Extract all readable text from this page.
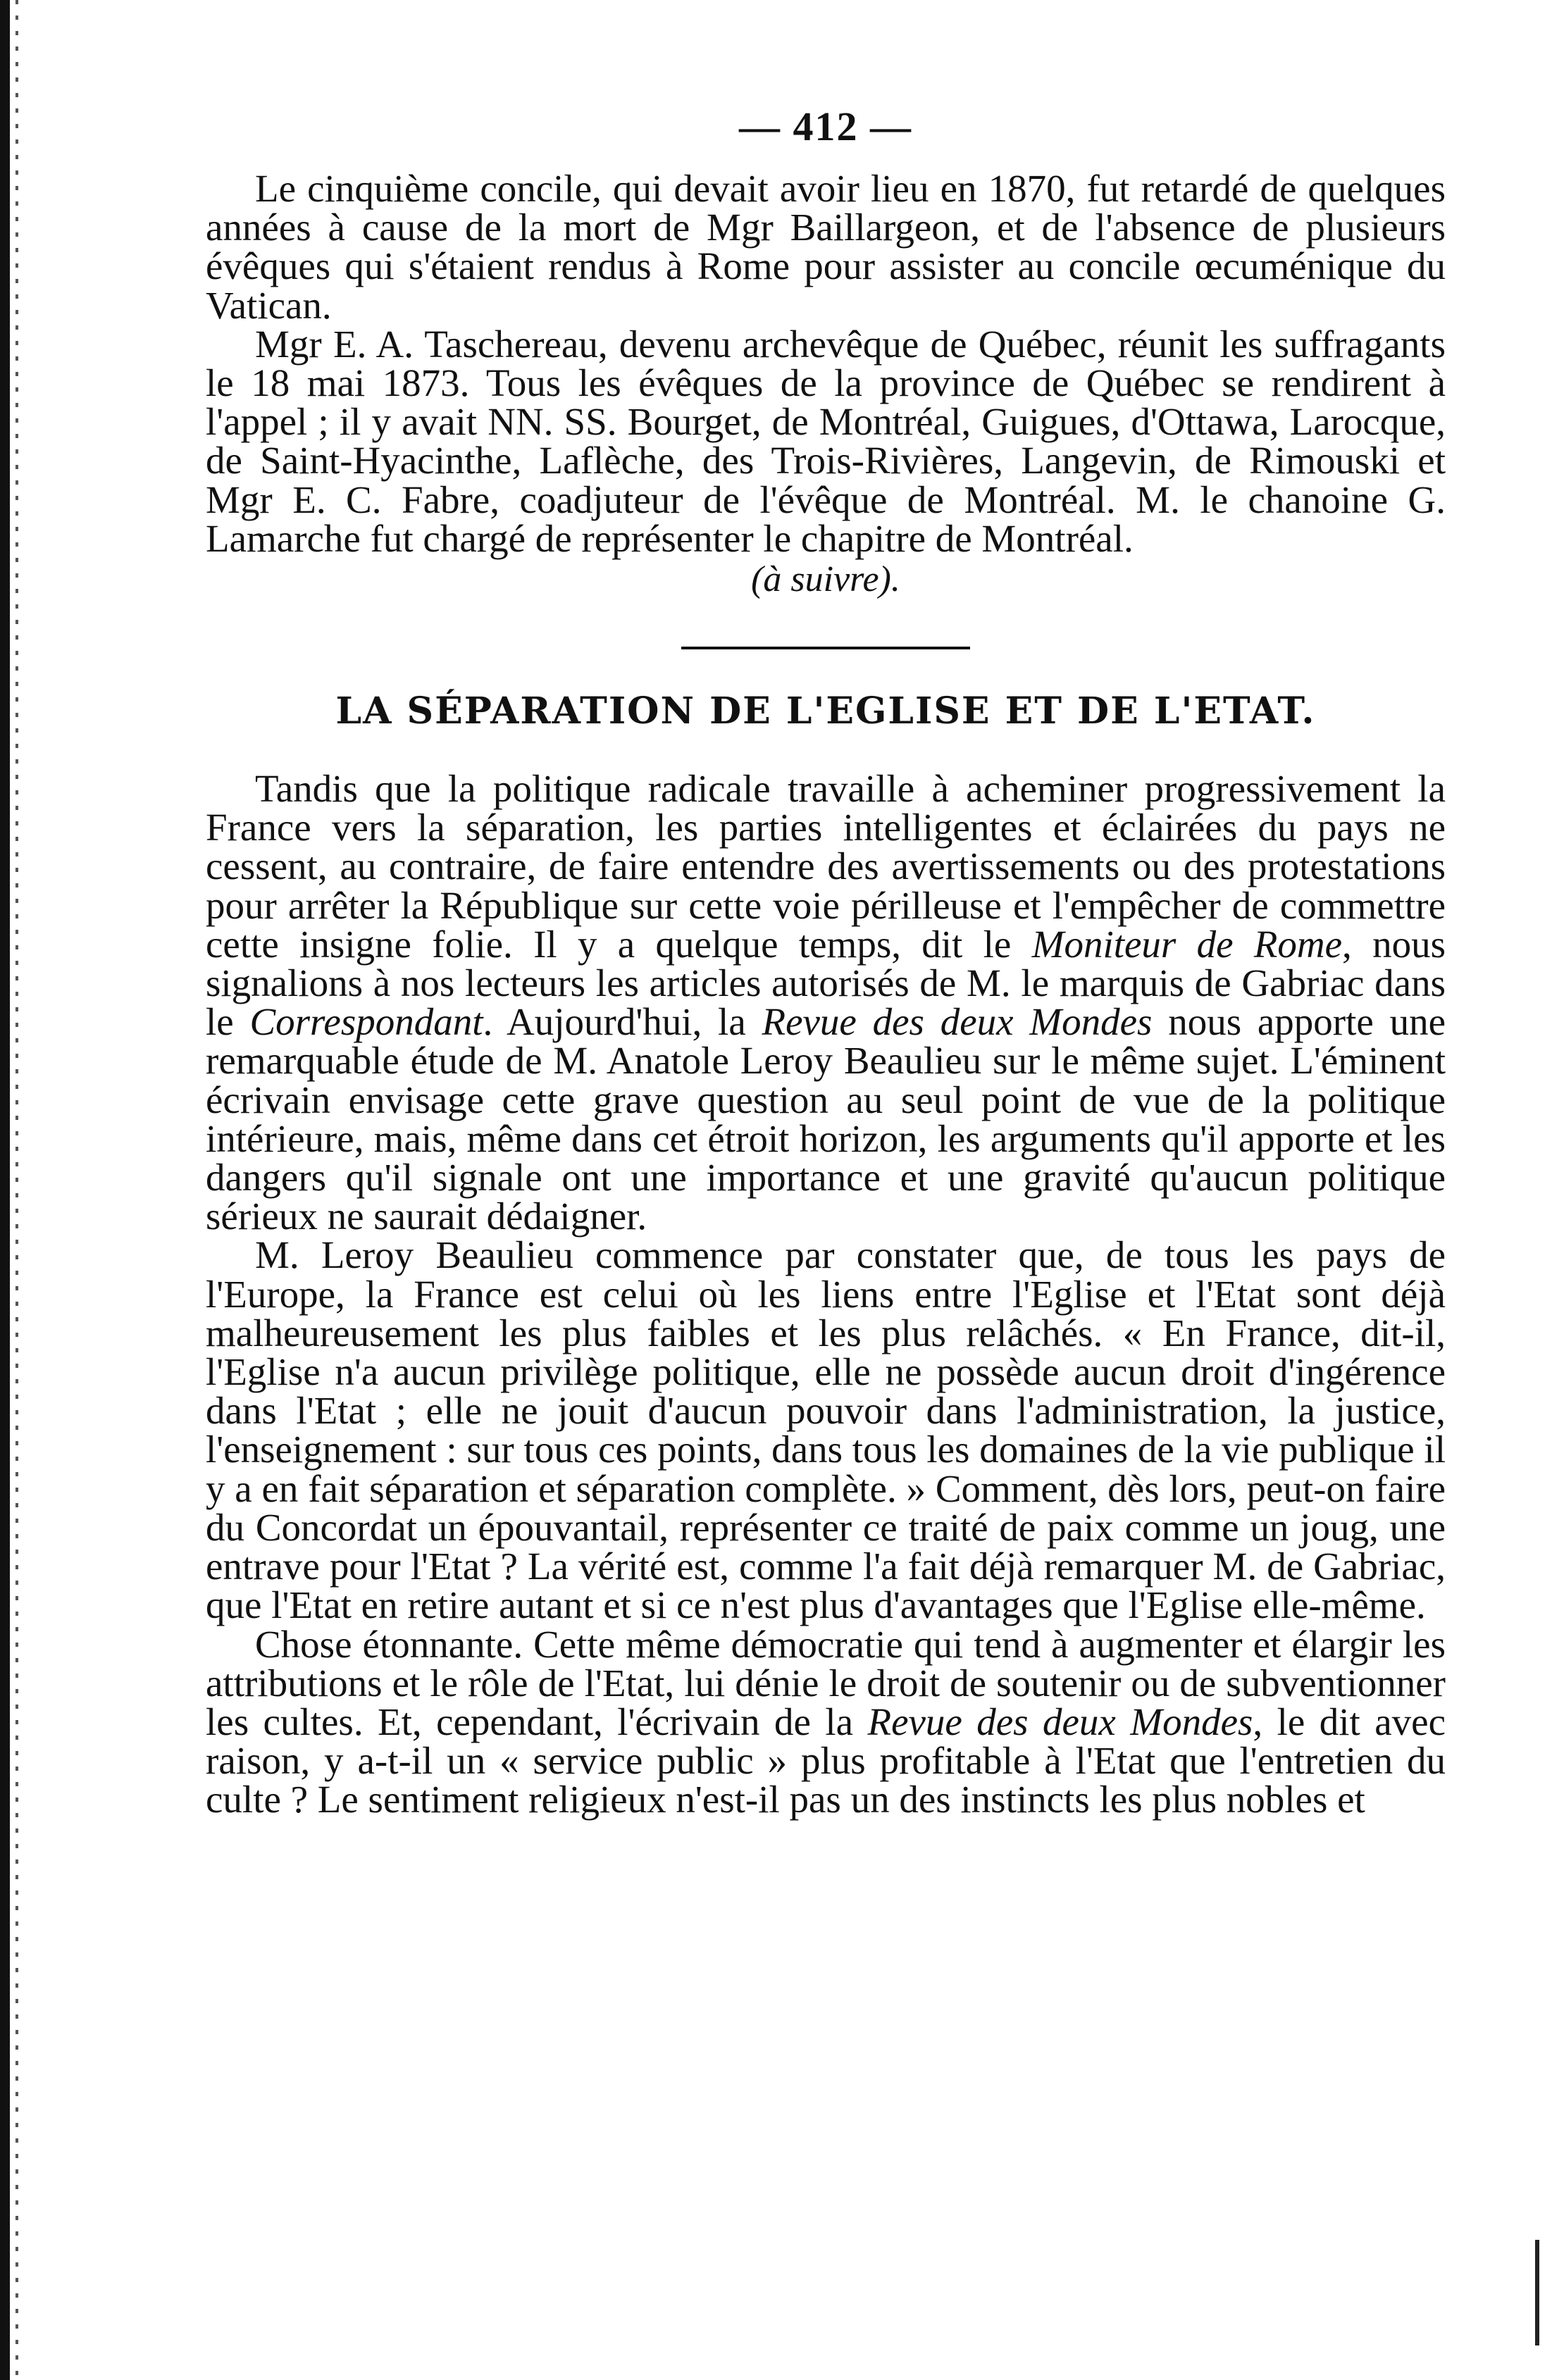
— 412 —

Le cinquième concile, qui devait avoir lieu en 1870, fut retardé de quelques années à cause de la mort de Mgr Baillargeon, et de l'absence de plusieurs évêques qui s'étaient rendus à Rome pour assister au concile œcuménique du Vatican.

Mgr E. A. Taschereau, devenu archevêque de Québec, réunit les suffragants le 18 mai 1873. Tous les évêques de la province de Québec se rendirent à l'appel ; il y avait NN. SS. Bourget, de Montréal, Guigues, d'Ottawa, Larocque, de Saint-Hyacinthe, Laflèche, des Trois-Rivières, Langevin, de Rimouski et Mgr E. C. Fabre, coadjuteur de l'évêque de Montréal. M. le chanoine G. Lamarche fut chargé de représenter le chapitre de Montréal.

(à suivre).
LA SÉPARATION DE L'EGLISE ET DE L'ETAT.

Tandis que la politique radicale travaille à acheminer progressivement la France vers la séparation, les parties intelligentes et éclairées du pays ne cessent, au contraire, de faire entendre des avertissements ou des protestations pour arrêter la République sur cette voie périlleuse et l'empêcher de commettre cette insigne folie. Il y a quelque temps, dit le Moniteur de Rome, nous signalions à nos lecteurs les articles autorisés de M. le marquis de Gabriac dans le Correspondant. Aujourd'hui, la Revue des deux Mondes nous apporte une remarquable étude de M. Anatole Leroy Beaulieu sur le même sujet. L'éminent écrivain envisage cette grave question au seul point de vue de la politique intérieure, mais, même dans cet étroit horizon, les arguments qu'il apporte et les dangers qu'il signale ont une importance et une gravité qu'aucun politique sérieux ne saurait dédaigner.

M. Leroy Beaulieu commence par constater que, de tous les pays de l'Europe, la France est celui où les liens entre l'Eglise et l'Etat sont déjà malheureusement les plus faibles et les plus relâchés. « En France, dit-il, l'Eglise n'a aucun privilège politique, elle ne possède aucun droit d'ingérence dans l'Etat ; elle ne jouit d'aucun pouvoir dans l'administration, la justice, l'enseignement : sur tous ces points, dans tous les domaines de la vie publique il y a en fait séparation et séparation complète. » Comment, dès lors, peut-on faire du Concordat un épouvantail, représenter ce traité de paix comme un joug, une entrave pour l'Etat ? La vérité est, comme l'a fait déjà remarquer M. de Gabriac, que l'Etat en retire autant et si ce n'est plus d'avantages que l'Eglise elle-même.

Chose étonnante. Cette même démocratie qui tend à augmenter et élargir les attributions et le rôle de l'Etat, lui dénie le droit de soutenir ou de subventionner les cultes. Et, cependant, l'écrivain de la Revue des deux Mondes, le dit avec raison, y a-t-il un « service public » plus profitable à l'Etat que l'entretien du culte ? Le sentiment religieux n'est-il pas un des instincts les plus nobles et
